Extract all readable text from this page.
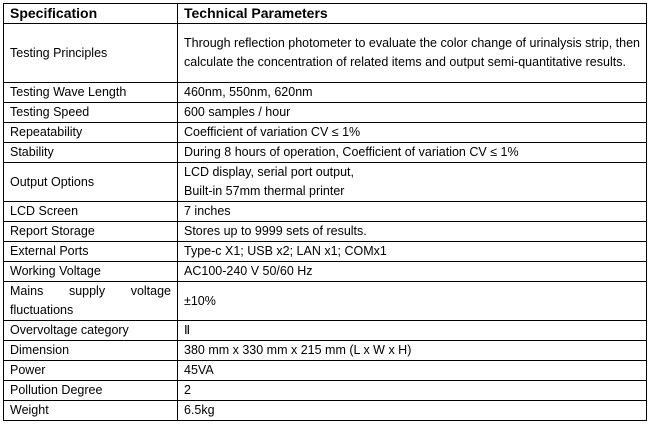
Specification	Technical Parameters
Testing Principles	Through reflection photometer to evaluate the color change of urinalysis strip, then calculate the concentration of related items and output semi-quantitative results.
Testing Wave Length	460nm, 550nm, 620nm
Testing Speed	600 samples / hour
Repeatability	Coefficient of variation CV ≤ 1%
Stability	During 8 hours of operation, Coefficient of variation CV ≤ 1%
Output Options	LCD display, serial port output,
Built-in 57mm thermal printer

LCD Screen	7 inches
Report Storage	Stores up to 9999 sets of results.
External Ports	Type-c X1; USB x2; LAN x1; COMx1
Working Voltage	AC100-240 V 50/60 Hz
Mains supply voltage fluctuations	±10%
Overvoltage category	Ⅱ
Dimension	380 mm x 330 mm x 215 mm (L x W x H)
Power	45VA
Pollution Degree	2
Weight	6.5kg
